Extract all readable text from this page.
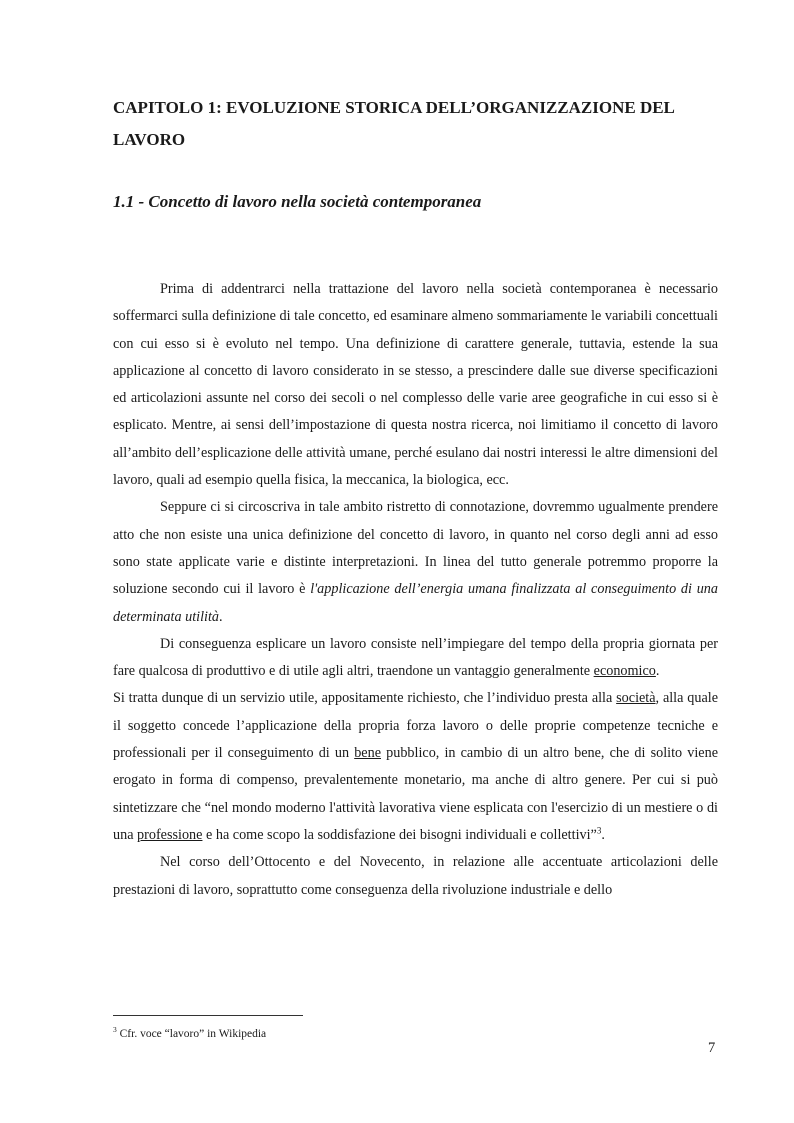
CAPITOLO 1: EVOLUZIONE STORICA DELL’ORGANIZZAZIONE DEL LAVORO
1.1 - Concetto di lavoro nella società contemporanea

Prima di addentrarci nella trattazione del lavoro nella società contemporanea è necessario soffermarci sulla definizione di tale concetto, ed esaminare almeno sommariamente le variabili concettuali con cui esso si è evoluto nel tempo. Una definizione di carattere generale, tuttavia, estende la sua applicazione al concetto di lavoro considerato in se stesso, a prescindere dalle sue diverse specificazioni ed articolazioni assunte nel corso dei secoli o nel complesso delle varie aree geografiche in cui esso si è esplicato. Mentre, ai sensi dell’impostazione di questa nostra ricerca, noi limitiamo il concetto di lavoro all’ambito dell’esplicazione delle attività umane, perché esulano dai nostri interessi le altre dimensioni del lavoro, quali ad esempio quella fisica, la meccanica, la biologica, ecc.

Seppure ci si circoscriva in tale ambito ristretto di connotazione, dovremmo ugualmente prendere atto che non esiste una unica definizione del concetto di lavoro, in quanto nel corso degli anni ad esso sono state applicate varie e distinte interpretazioni. In linea del tutto generale potremmo proporre la soluzione secondo cui il lavoro è l'applicazione dell’energia umana finalizzata al conseguimento di una determinata utilità.

Di conseguenza esplicare un lavoro consiste nell’impiegare del tempo della propria giornata per fare qualcosa di produttivo e di utile agli altri, traendone un vantaggio generalmente economico.

Si tratta dunque di un servizio utile, appositamente richiesto, che l’individuo presta alla società, alla quale il soggetto concede l’applicazione della propria forza lavoro o delle proprie competenze tecniche e professionali per il conseguimento di un bene pubblico, in cambio di un altro bene, che di solito viene erogato in forma di compenso, prevalentemente monetario, ma anche di altro genere. Per cui si può sintetizzare che “nel mondo moderno l'attività lavorativa viene esplicata con l'esercizio di un mestiere o di una professione e ha come scopo la soddisfazione dei bisogni individuali e collettivi”$^3$.

Nel corso dell’Ottocento e del Novecento, in relazione alle accentuate articolazioni delle prestazioni di lavoro, soprattutto come conseguenza della rivoluzione industriale e dello

$^3$ Cfr. voce “lavoro” in Wikipedia

7
